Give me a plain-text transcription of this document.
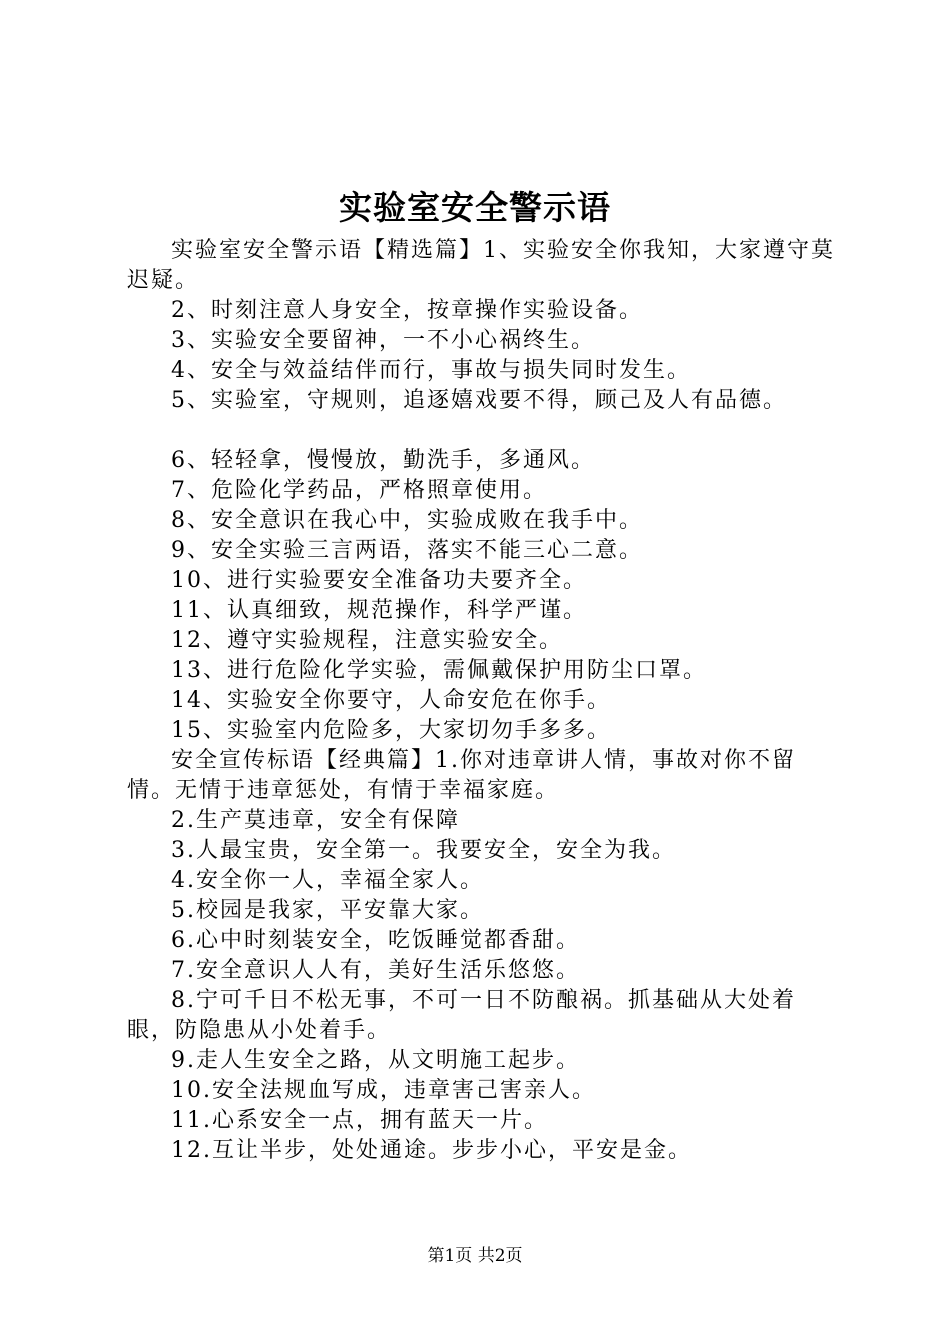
实验室安全警示语

实验室安全警示语【精选篇】1、实验安全你我知，大家遵守莫迟疑。

2、时刻注意人身安全，按章操作实验设备。

3、实验安全要留神，一不小心祸终生。

4、安全与效益结伴而行，事故与损失同时发生。

5、实验室，守规则，追逐嬉戏要不得，顾己及人有品德。

6、轻轻拿，慢慢放，勤洗手，多通风。

7、危险化学药品，严格照章使用。

8、安全意识在我心中，实验成败在我手中。

9、安全实验三言两语，落实不能三心二意。

10、进行实验要安全准备功夫要齐全。

11、认真细致，规范操作，科学严谨。

12、遵守实验规程，注意实验安全。

13、进行危险化学实验，需佩戴保护用防尘口罩。

14、实验安全你要守，人命安危在你手。

15、实验室内危险多，大家切勿手多多。

安全宣传标语【经典篇】1.你对违章讲人情，事故对你不留情。无情于违章惩处，有情于幸福家庭。

2.生产莫违章，安全有保障

3.人最宝贵，安全第一。我要安全，安全为我。

4.安全你一人，幸福全家人。

5.校园是我家，平安靠大家。

6.心中时刻装安全，吃饭睡觉都香甜。

7.安全意识人人有，美好生活乐悠悠。

8.宁可千日不松无事，不可一日不防酿祸。抓基础从大处着眼，防隐患从小处着手。

9.走人生安全之路，从文明施工起步。

10.安全法规血写成，违章害己害亲人。

11.心系安全一点，拥有蓝天一片。

12.互让半步，处处通途。步步小心，平安是金。

第1页 共2页
